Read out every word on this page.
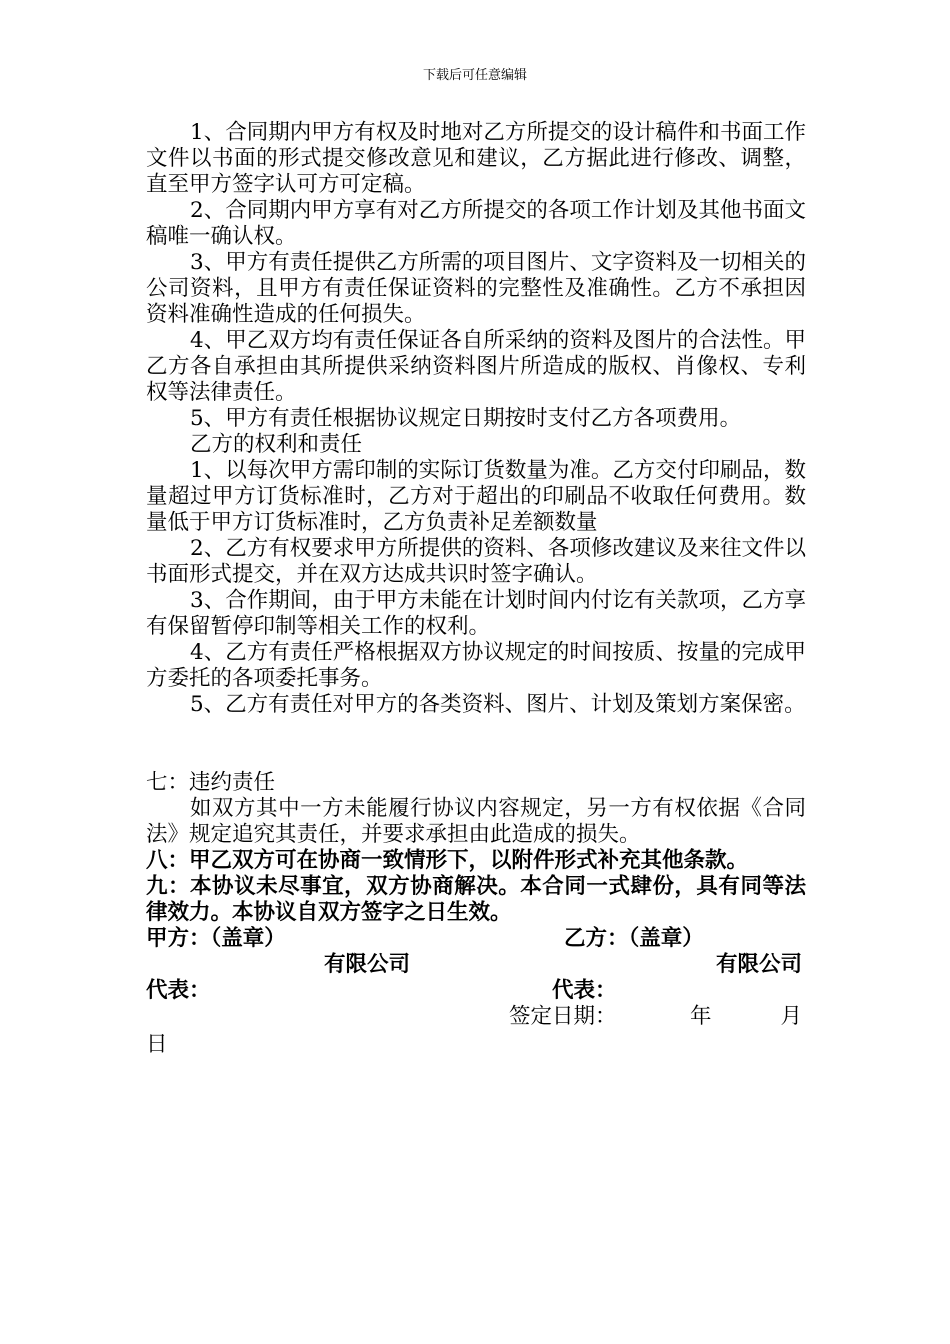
下载后可任意编辑

1、合同期内甲方有权及时地对乙方所提交的设计稿件和书面工作文件以书面的形式提交修改意见和建议，乙方据此进行修改、调整，直至甲方签字认可方可定稿。

2、合同期内甲方享有对乙方所提交的各项工作计划及其他书面文稿唯一确认权。

3、甲方有责任提供乙方所需的项目图片、文字资料及一切相关的公司资料，且甲方有责任保证资料的完整性及准确性。乙方不承担因资料准确性造成的任何损失。

4、甲乙双方均有责任保证各自所采纳的资料及图片的合法性。甲乙方各自承担由其所提供采纳资料图片所造成的版权、肖像权、专利权等法律责任。

5、甲方有责任根据协议规定日期按时支付乙方各项费用。

乙方的权利和责任

1、以每次甲方需印制的实际订货数量为准。乙方交付印刷品，数量超过甲方订货标准时，乙方对于超出的印刷品不收取任何费用。数量低于甲方订货标准时，乙方负责补足差额数量

2、乙方有权要求甲方所提供的资料、各项修改建议及来往文件以书面形式提交，并在双方达成共识时签字确认。

3、合作期间，由于甲方未能在计划时间内付讫有关款项，乙方享有保留暂停印制等相关工作的权利。

4、乙方有责任严格根据双方协议规定的时间按质、按量的完成甲方委托的各项委托事务。

5、乙方有责任对甲方的各类资料、图片、计划及策划方案保密。

七：违约责任

如双方其中一方未能履行协议内容规定，另一方有权依据《合同法》规定追究其责任，并要求承担由此造成的损失。

八：甲乙双方可在协商一致情形下，以附件形式补充其他条款。

九：本协议未尽事宜，双方协商解决。本合同一式肆份，具有同等法律效力。本协议自双方签字之日生效。

甲方：（盖章）	乙方：（盖章）
有限公司	有限公司
代表：	代表：
签定日期：	年	月
日
